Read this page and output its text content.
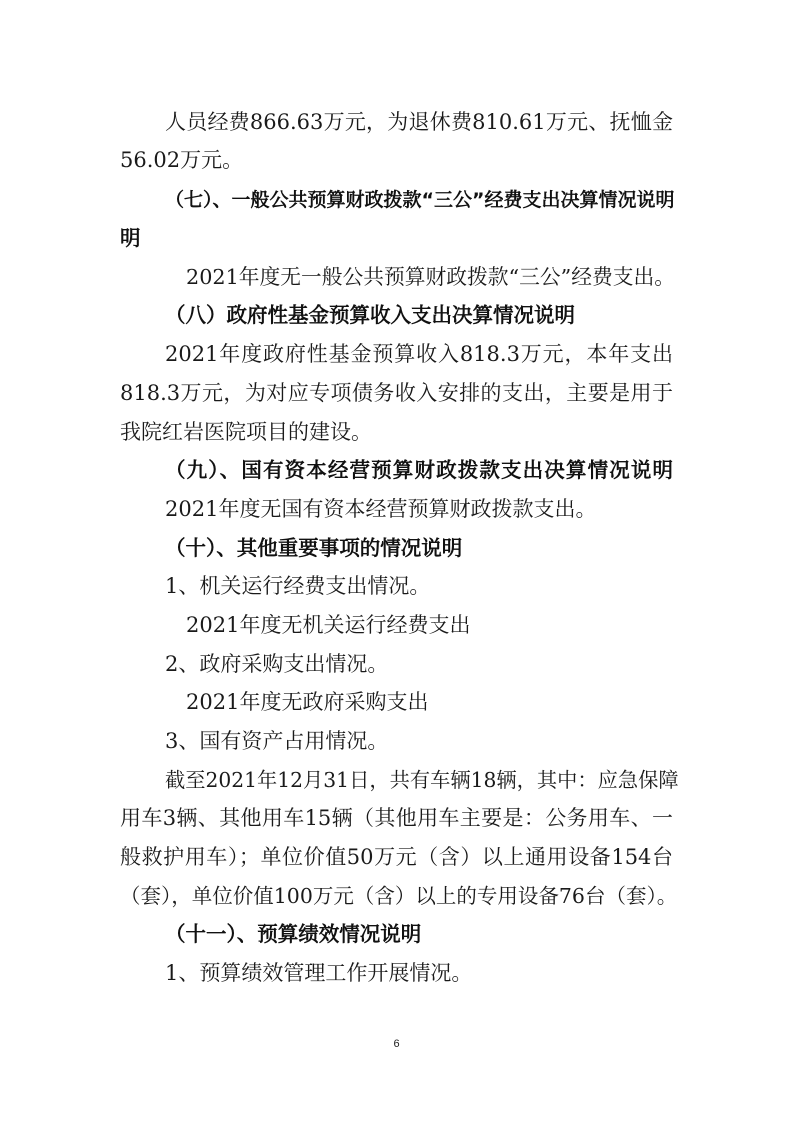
人员经费866.63万元，为退休费810.61万元、抚恤金

56.02万元。

（七）、一般公共预算财政拨款“三公”经费支出决算情况说明

明

2021年度无一般公共预算财政拨款“三公”经费支出。

（八）政府性基金预算收入支出决算情况说明

2021年度政府性基金预算收入818.3万元，本年支出

818.3万元，为对应专项债务收入安排的支出，主要是用于

我院红岩医院项目的建设。

（九）、国有资本经营预算财政拨款支出决算情况说明

2021年度无国有资本经营预算财政拨款支出。

（十）、其他重要事项的情况说明

1、机关运行经费支出情况。

2021年度无机关运行经费支出

2、政府采购支出情况。

2021年度无政府采购支出

3、国有资产占用情况。

截至2021年12月31日，共有车辆18辆，其中：应急保障

用车3辆、其他用车15辆（其他用车主要是：公务用车、一

般救护用车）；单位价值50万元（含）以上通用设备154台

（套），单位价值100万元（含）以上的专用设备76台（套）。

（十一）、预算绩效情况说明

1、预算绩效管理工作开展情况。

6
